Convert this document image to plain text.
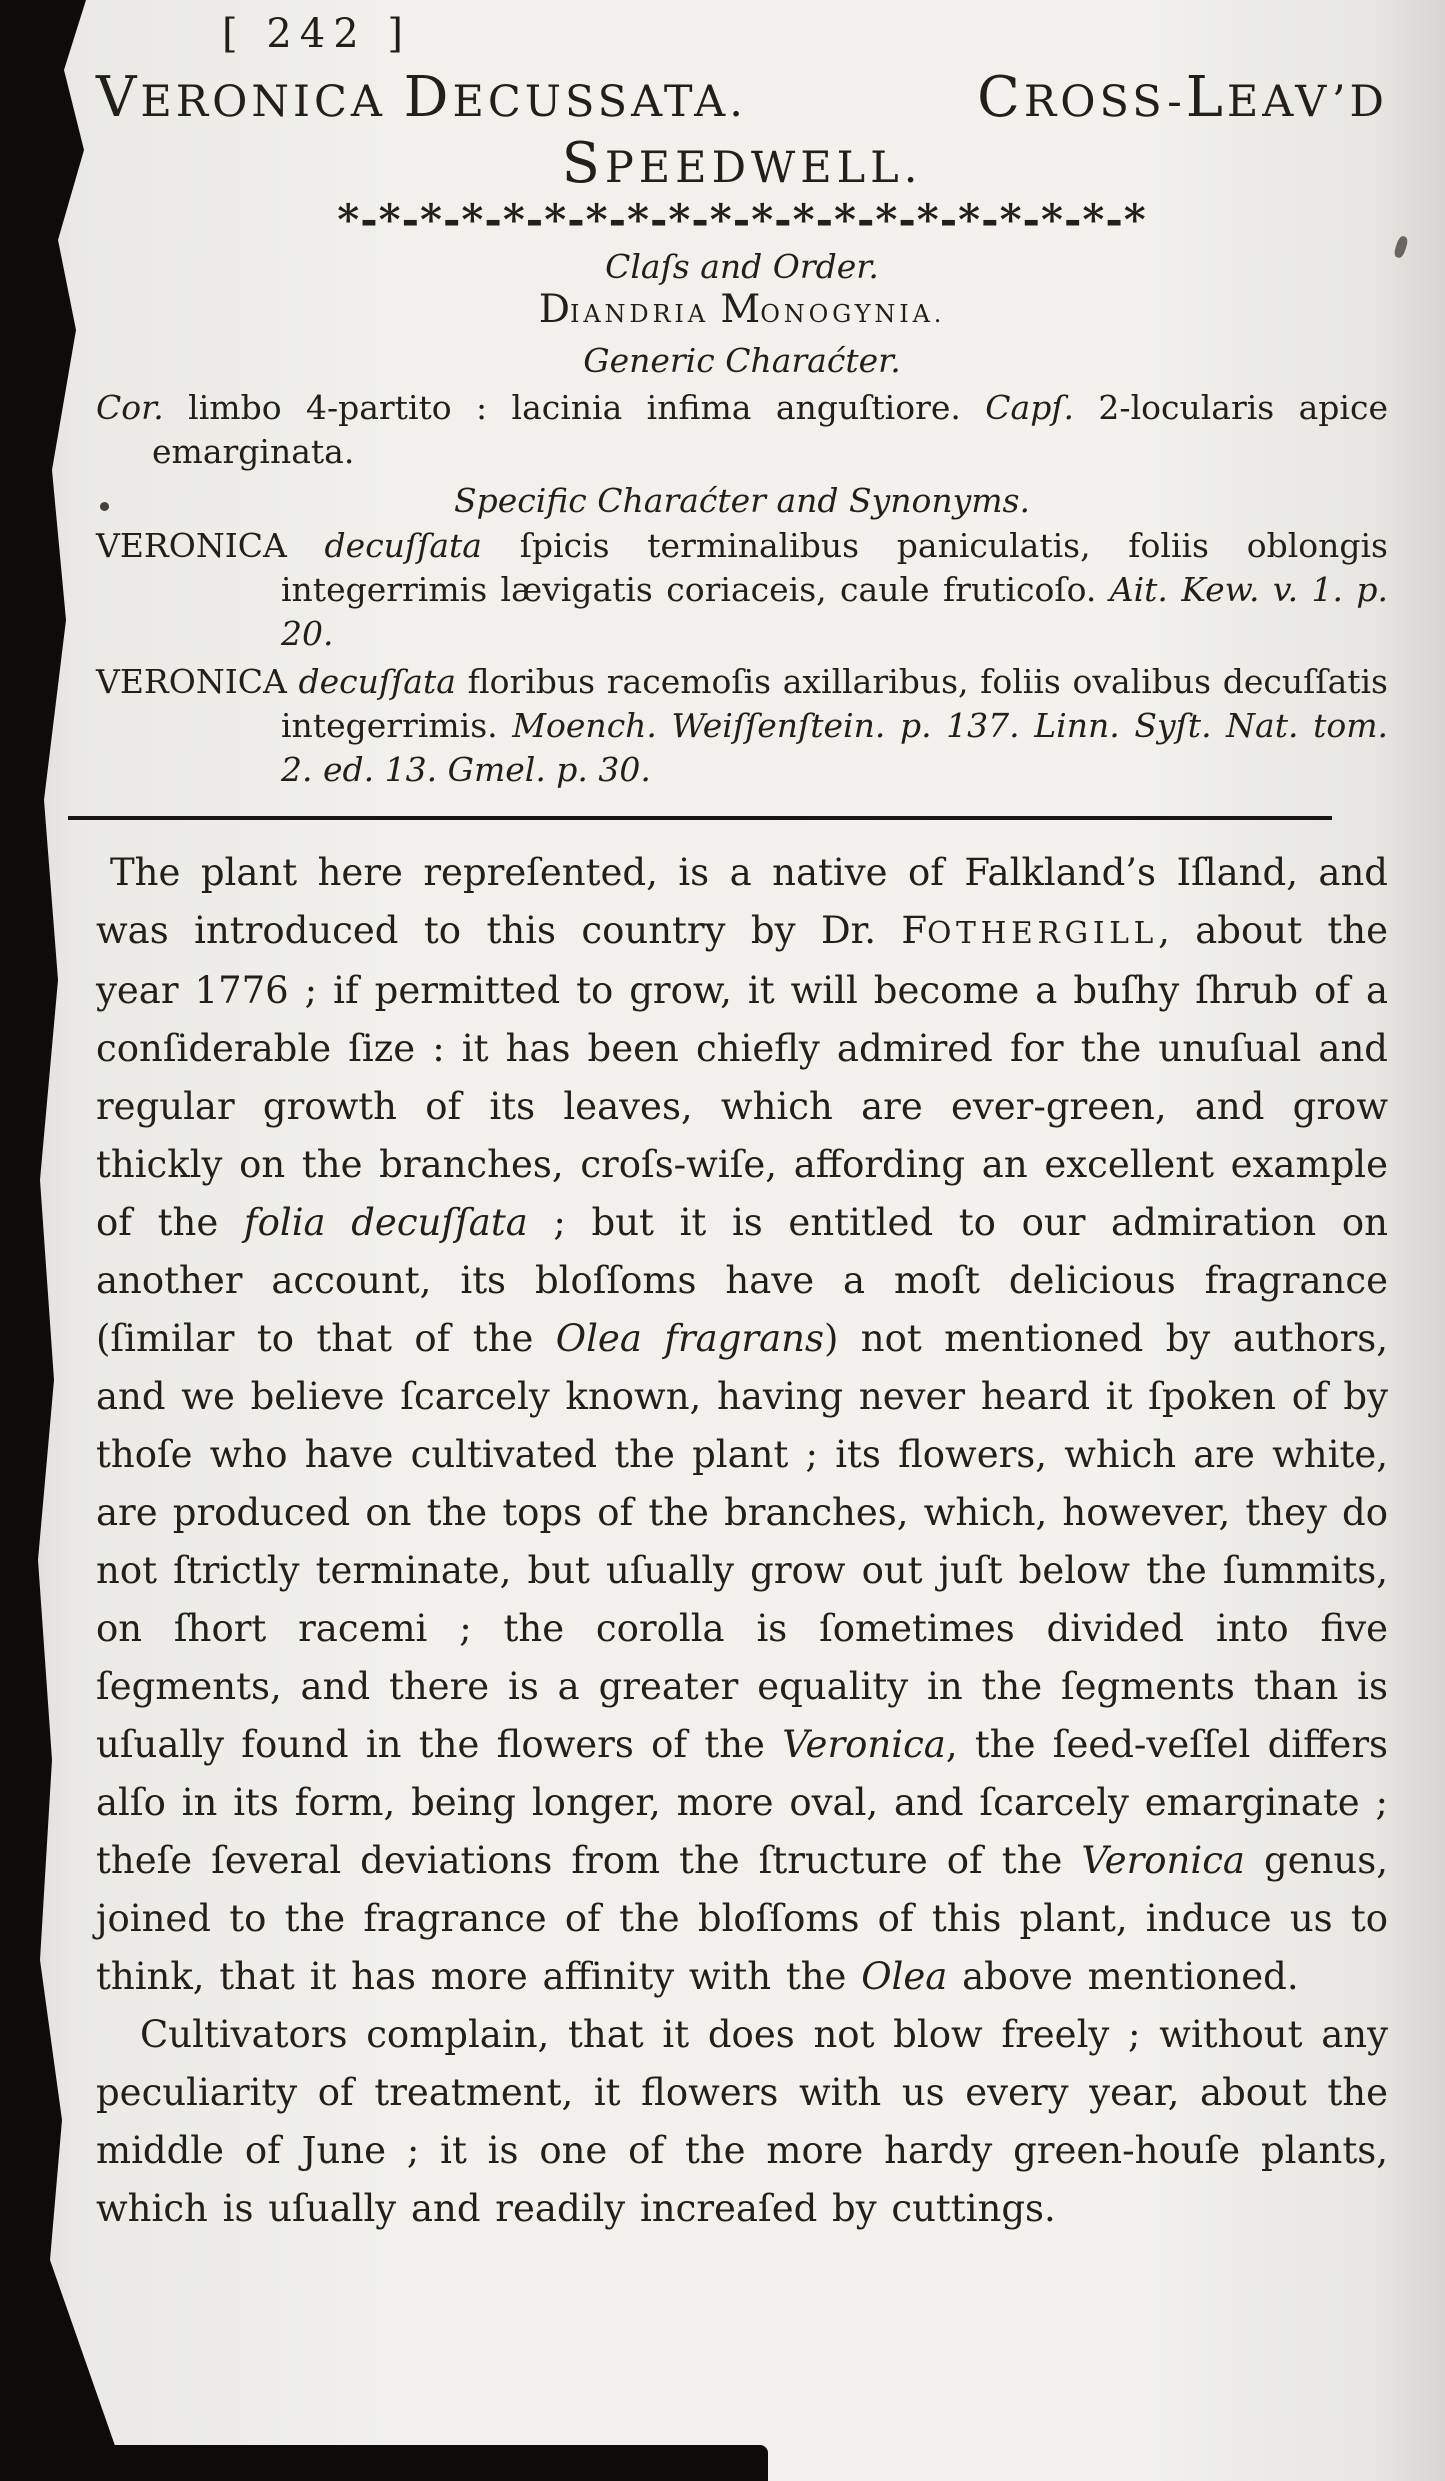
[ 242 ]
VERONICA DECUSSATA.	CROSS-LEAV’D
SPEEDWELL.
*-*-*-*-*-*-*-*-*-*-*-*-*-*-*-*-*-*-*-*
Claſs and Order.
DIANDRIA MONOGYNIA.
Generic Charaćter.
Cor. limbo 4-partito : lacinia infima anguſtiore. Capſ. 2-locularis apice emarginata.
Specific Charaćter and Synonyms.
VERONICA decuſſata ſpicis terminalibus paniculatis, foliis oblongis integerrimis lævigatis coriaceis, caule fruticoſo. Ait. Kew. v. 1. p. 20.
VERONICA decuſſata floribus racemoſis axillaribus, foliis ovalibus decuſſatis integerrimis. Moench. Weiſſenſtein. p. 137. Linn. Syſt. Nat. tom. 2. ed. 13. Gmel. p. 30.
The plant here repreſented, is a native of Falkland’s Iſland, and was introduced to this country by Dr. FOTHERGILL, about the year 1776 ; if permitted to grow, it will become a buſhy ſhrub of a conſiderable ſize : it has been chiefly admired for the unuſual and regular growth of its leaves, which are ever-green, and grow thickly on the branches, croſs-wiſe, affording an excellent example of the folia decuſſata ; but it is entitled to our admiration on another account, its bloſſoms have a moſt delicious fragrance (ſimilar to that of the Olea fragrans) not mentioned by authors, and we believe ſcarcely known, having never heard it ſpoken of by thoſe who have cultivated the plant ; its flowers, which are white, are produced on the tops of the branches, which, however, they do not ſtrictly terminate, but uſually grow out juſt below the ſummits, on ſhort racemi ; the corolla is ſometimes divided into five ſegments, and there is a greater equality in the ſegments than is uſually found in the flowers of the Veronica, the ſeed-veſſel differs alſo in its form, being longer, more oval, and ſcarcely emarginate ; theſe ſeveral deviations from the ſtructure of the Veronica genus, joined to the fragrance of the bloſſoms of this plant, induce us to think, that it has more affinity with the Olea above mentioned.
Cultivators complain, that it does not blow freely ; without any peculiarity of treatment, it flowers with us every year, about the middle of June ; it is one of the more hardy green-houſe plants, which is uſually and readily increaſed by cuttings.
